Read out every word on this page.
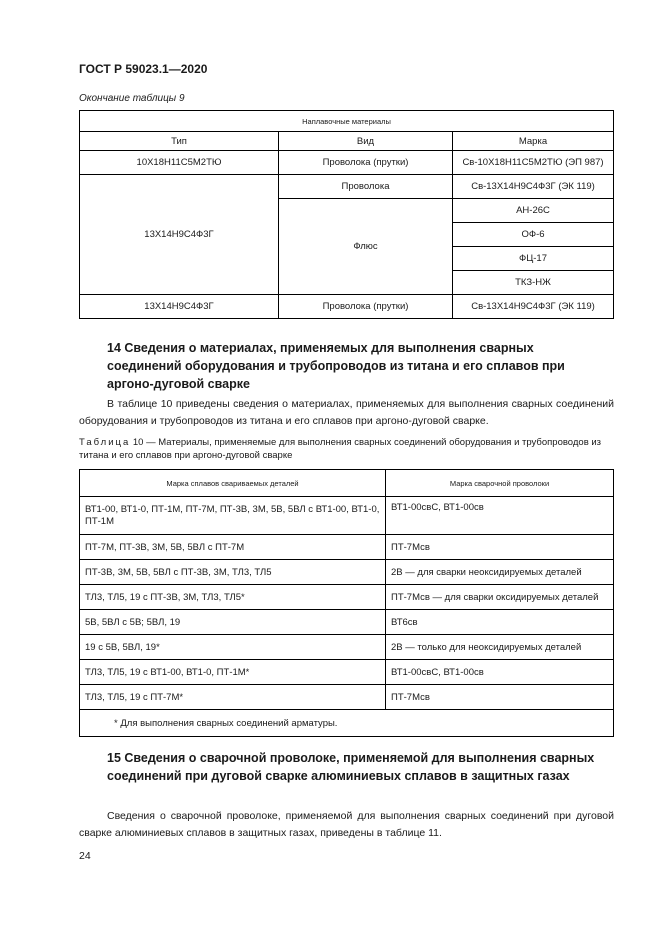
ГОСТ Р 59023.1—2020
Окончание таблицы 9
Наплавочные материалы		
Тип	Вид	Марка
10Х18Н11С5М2ТЮ	Проволока (прутки)	Св-10Х18Н11С5М2ТЮ (ЭП 987)
13Х14Н9С4Ф3Г	Проволока	Св-13Х14Н9С4Ф3Г (ЭК 119)
	Флюс	АН-26С
		ОФ-6
		ФЦ-17
		ТКЗ-НЖ
13Х14Н9С4Ф3Г	Проволока (прутки)	Св-13Х14Н9С4Ф3Г (ЭК 119)
14 Сведения о материалах, применяемых для выполнения сварных соединений оборудования и трубопроводов из титана и его сплавов при аргоно-дуговой сварке

В таблице 10 приведены сведения о материалах, применяемых для выполнения сварных соединений оборудования и трубопроводов из титана и его сплавов при аргоно-дуговой сварке.

Таблица 10 — Материалы, применяемые для выполнения сварных соединений оборудования и трубопроводов из титана и его сплавов при аргоно-дуговой сварке
Марка сплавов свариваемых деталей	Марка сварочной проволоки
ВТ1-00, ВТ1-0, ПТ-1М, ПТ-7М, ПТ-3В, 3М, 5В, 5ВЛ с ВТ1-00, ВТ1-0, ПТ-1М	ВТ1-00свС, ВТ1-00св
ПТ-7М, ПТ-3В, 3М, 5В, 5ВЛ с ПТ-7М	ПТ-7Мсв
ПТ-3В, 3М, 5В, 5ВЛ с ПТ-3В, 3М, ТЛ3, ТЛ5	2В — для сварки неоксидируемых деталей
ТЛ3, ТЛ5, 19 с ПТ-3В, 3М, ТЛ3, ТЛ5*	ПТ-7Мсв — для сварки оксидируемых деталей
5В, 5ВЛ с 5В; 5ВЛ, 19	ВТ6св
19 с 5В, 5ВЛ, 19*	2В — только для неоксидируемых деталей
ТЛ3, ТЛ5, 19 с ВТ1-00, ВТ1-0, ПТ-1М*	ВТ1-00свС, ВТ1-00св
ТЛ3, ТЛ5, 19 с ПТ-7М*	ПТ-7Мсв
* Для выполнения сварных соединений арматуры.	
15 Сведения о сварочной проволоке, применяемой для выполнения сварных соединений при дуговой сварке алюминиевых сплавов в защитных газах

Сведения о сварочной проволоке, применяемой для выполнения сварных соединений при дуговой сварке алюминиевых сплавов в защитных газах, приведены в таблице 11.

24
